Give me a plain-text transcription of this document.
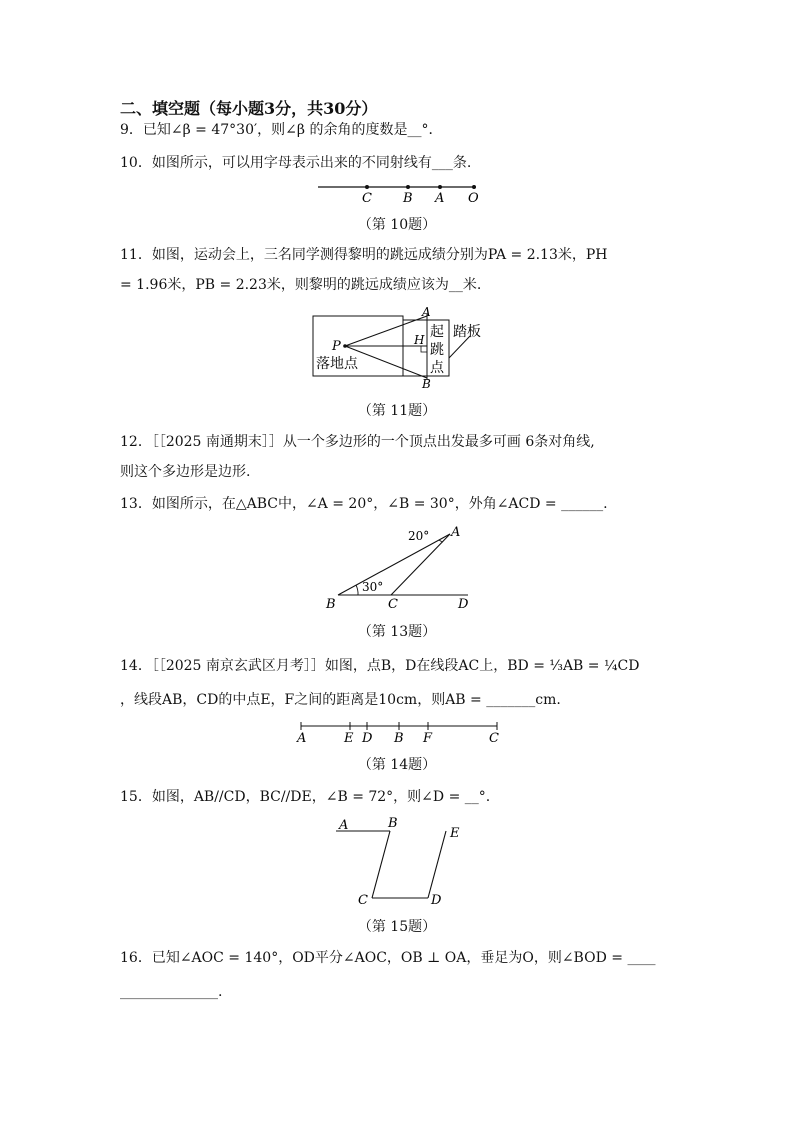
二、填空题（每小题3分，共30分）
9．已知∠β = 47°30′，则∠β 的余角的度数是__°．
10．如图所示，可以用字母表示出来的不同射线有___条.
C B A O
（第 10题）
11．如图，运动会上，三名同学测得黎明的跳远成绩分别为PA = 2.13米，PH
= 1.96米，PB = 2.23米，则黎明的跳远成绩应该为__米.
P
A
B
H
落地点
起
跳
点
踏板
（第 11题）
12．［［2025 南通期末］］从一个多边形的一个顶点出发最多可画 6条对角线,
则这个多边形是边形.
13．如图所示，在△ABC中，∠A = 20°，∠B = 30°，外角∠ACD = ______.
A
B	C	D
20°
30°
（第 13题）
14．［［2025 南京玄武区月考］］如图，点B，D在线段AC上，BD = ⅓AB = ¼CD
，线段AB，CD的中点E，F之间的距离是10cm，则AB = _______cm.
A	E D B F	C
（第 14题）
15．如图，AB//CD，BC//DE，∠B = 72°，则∠D = __°.
A	B
C	D
E
（第 15题）
16．已知∠AOC = 140°，OD平分∠AOC，OB ⊥ OA，垂足为O，则∠BOD = ____
______________.
